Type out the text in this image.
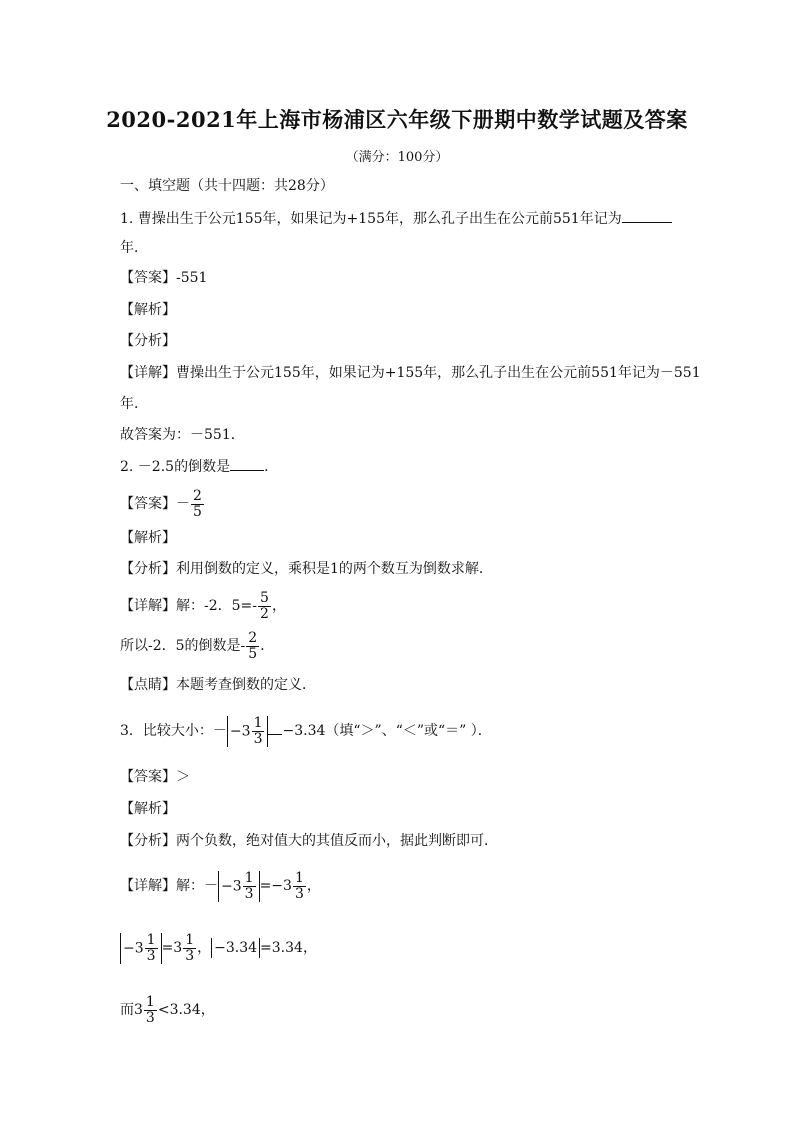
2020-2021年上海市杨浦区六年级下册期中数学试题及答案
（满分：100分）
一、填空题（共十四题：共28分）
1. 曹操出生于公元155年，如果记为+155年，那么孔子出生在公元前551年记为
年．
【答案】-551
【解析】
【分析】
【详解】曹操出生于公元155年，如果记为+155年，那么孔子出生在公元前551年记为－551
年．
故答案为：－551．
2. －2.5的倒数是 ．
【答案】－ $\frac{2}{5}$
【解析】
【分析】利用倒数的定义，乘积是1的两个数互为倒数求解．
【详解】解：-2．$5=- \frac{5}{2}$ ，
所以-2．5的倒数是- $\frac{2}{5}$ ．
【点睛】本题考查倒数的定义．
3．比较大小：－ $-3 \frac{1}{3} -3.34$（填“＞”、“＜”或“＝” ）．
【答案】＞
【解析】
【分析】两个负数，绝对值大的其值反而小，据此判断即可．
【详解】解：－ $-3 \frac{1}{3} =-3 \frac{1}{3}$ ，
$-3 \frac{1}{3} =3 \frac{1}{3}$ ， −3.34 =3.34，
而$3 \frac{1}{3} <3.34$，
